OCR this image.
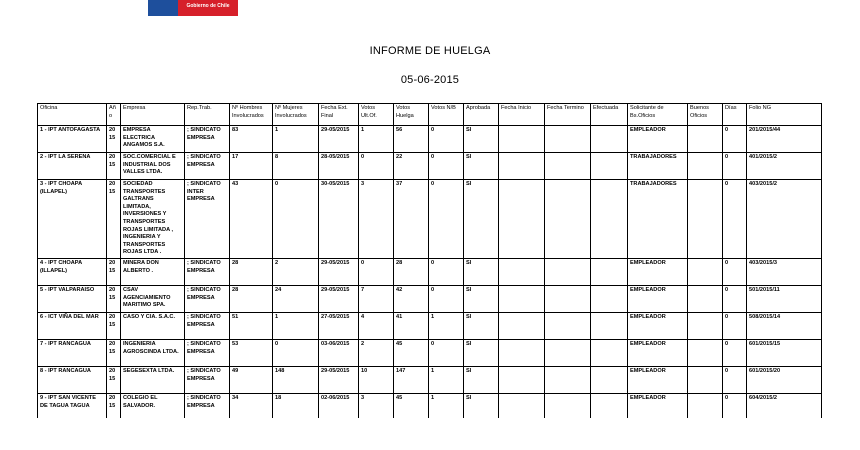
Gobierno de Chile
INFORME DE HUELGA
05-06-2015
Oficina	Año	Empresa	Rep.Trab.	Nº Hombres Involucrados	Nº Mujeres Involucrados	Fecha Ext. Final	Votos Ult.Of.	Votos Huelga	Votos N/B	Aprobada	Fecha Inicio	Fecha Termino	Efectuada	Solicitante de Bs.Oficios	Buenos Oficios	Días	Folio NG
1 - IPT ANTOFAGASTA	2015	EMPRESA ELECTRICA ANGAMOS S.A.	; SINDICATO EMPRESA	83	1	29-05/2015	1	56	0	SI				EMPLEADOR		0	201/2015/44
2 - IPT LA SERENA	2015	SOC.COMERCIAL E INDUSTRIAL DOS VALLES LTDA.	; SINDICATO EMPRESA	17	8	28-05/2015	0	22	0	SI				TRABAJADORES		0	401/2015/2
3 - IPT CHOAPA (ILLAPEL)	2015	SOCIEDAD TRANSPORTES GALTRANS LIMITADA, INVERSIONES Y TRANSPORTES ROJAS LIMITADA , INGENIERIA Y TRANSPORTES ROJAS LTDA .	; SINDICATO INTER EMPRESA	43	0	30-05/2015	3	37	0	SI				TRABAJADORES		0	403/2015/2
4 - IPT CHOAPA (ILLAPEL)	2015	MINERA DON ALBERTO .	; SINDICATO EMPRESA	28	2	29-05/2015	0	28	0	SI				EMPLEADOR		0	403/2015/3
5 - IPT VALPARAISO	2015	CSAV AGENCIAMIENTO MARITIMO SPA.	; SINDICATO EMPRESA	28	24	29-05/2015	7	42	0	SI				EMPLEADOR		0	501/2015/11
6 - ICT VIÑA DEL MAR	2015	CASO Y CIA. S.A.C.	; SINDICATO EMPRESA	51	1	27-05/2015	4	41	1	SI				EMPLEADOR		0	508/2015/14
7 - IPT RANCAGUA	2015	INGENIERIA AGROSCINDA LTDA.	; SINDICATO EMPRESA	53	0	03-06/2015	2	45	0	SI				EMPLEADOR		0	601/2015/15
8 - IPT RANCAGUA	2015	SEGESEXTA LTDA.	; SINDICATO EMPRESA	49	148	29-05/2015	10	147	1	SI				EMPLEADOR		0	601/2015/20
9 - IPT SAN VICENTE DE TAGUA TAGUA	2015	COLEGIO EL SALVADOR.	; SINDICATO EMPRESA	34	18	02-06/2015	3	45	1	SI				EMPLEADOR		0	604/2015/2
